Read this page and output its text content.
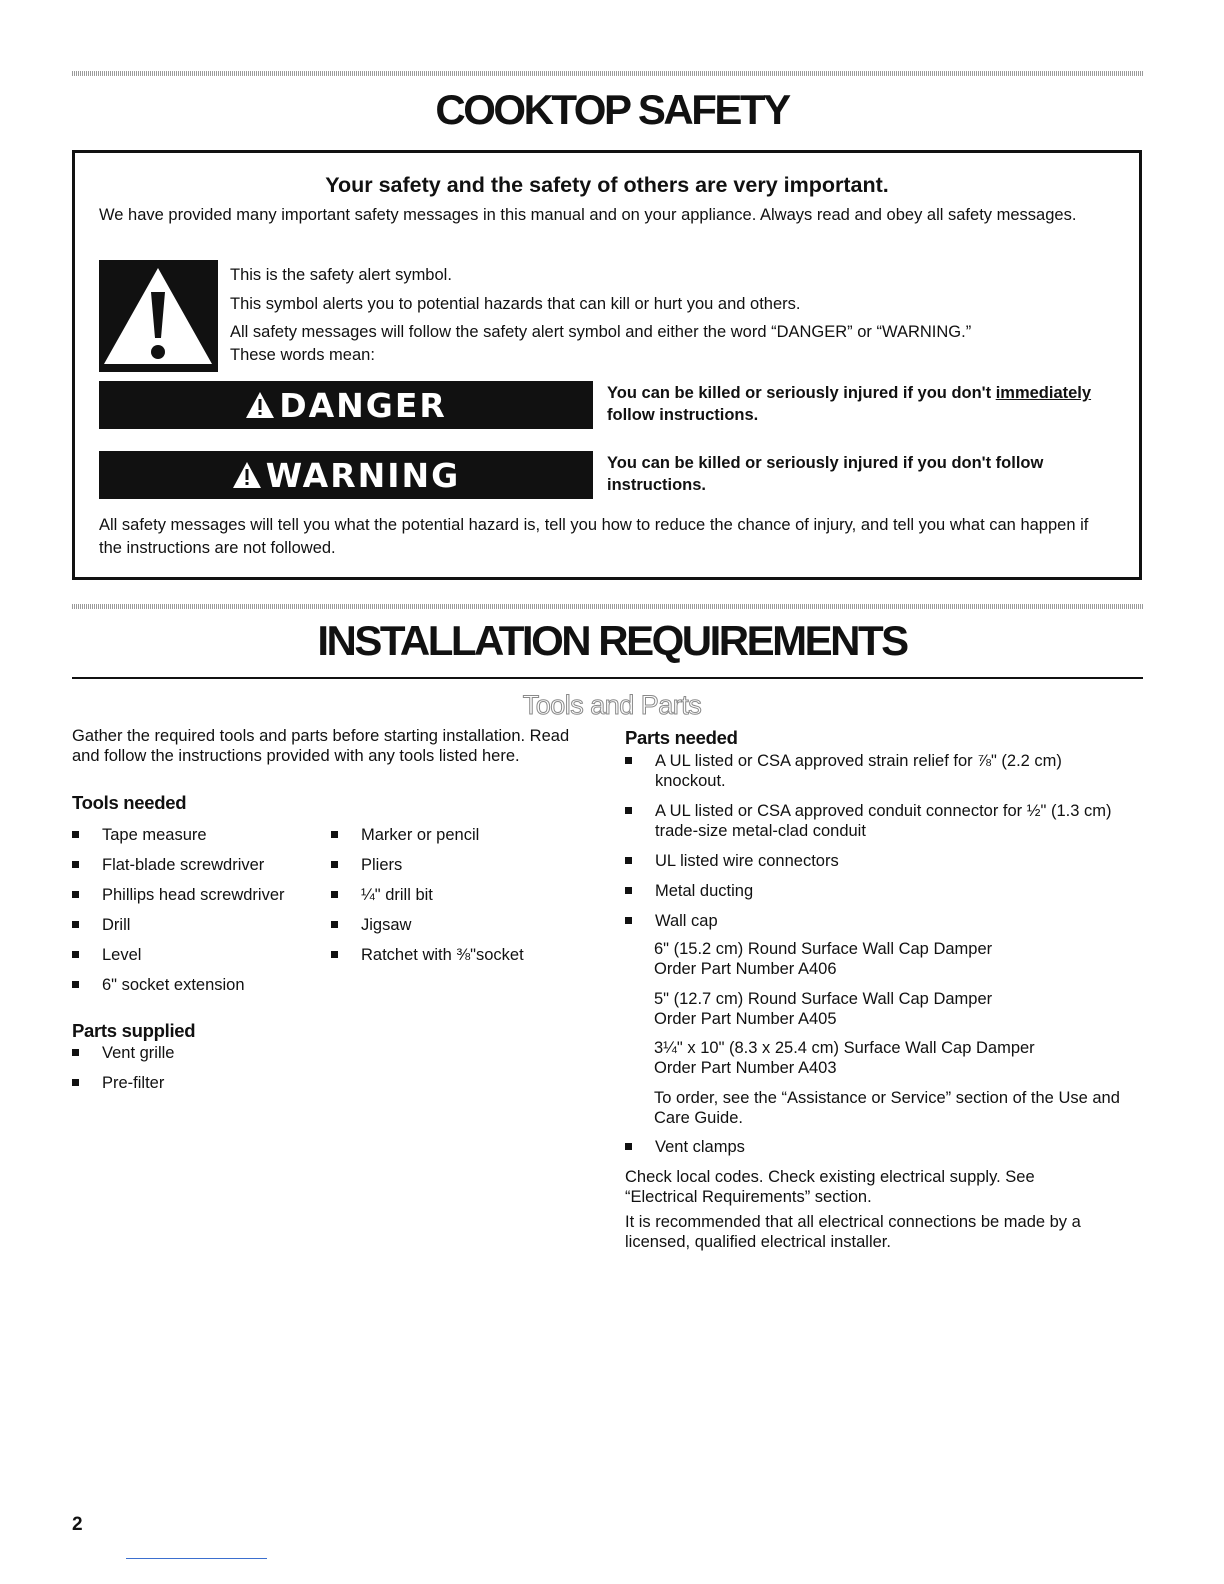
COOKTOP SAFETY
Your safety and the safety of others are very important.
We have provided many important safety messages in this manual and on your appliance. Always read and obey all safety messages.
This is the safety alert symbol.
This symbol alerts you to potential hazards that can kill or hurt you and others.
All safety messages will follow the safety alert symbol and either the word “DANGER” or “WARNING.”
These words mean:
DANGER	You can be killed or seriously injured if you don't immediately
follow instructions.
WARNING	You can be killed or seriously injured if you don't follow instructions.
All safety messages will tell you what the potential hazard is, tell you how to reduce the chance of injury, and tell you what can happen if the instructions are not followed.
INSTALLATION REQUIREMENTS
Tools and Parts
Gather the required tools and parts before starting installation. Read and follow the instructions provided with any tools listed here.
Tools needed
Tape measure
Flat-blade screwdriver
Phillips head screwdriver
Drill
Level
6" socket extension
Marker or pencil
Pliers
¼" drill bit
Jigsaw
Ratchet with ⅜"socket
Parts supplied
Vent grille
Pre-filter
Parts needed
A UL listed or CSA approved strain relief for ⅞" (2.2 cm) knockout.
A UL listed or CSA approved conduit connector for ½" (1.3 cm) trade-size metal-clad conduit
UL listed wire connectors
Metal ducting
Wall cap
6" (15.2 cm) Round Surface Wall Cap Damper
Order Part Number A406
5" (12.7 cm) Round Surface Wall Cap Damper
Order Part Number A405
3¼" x 10" (8.3 x 25.4 cm) Surface Wall Cap Damper
Order Part Number A403
To order, see the “Assistance or Service” section of the Use and Care Guide.
Vent clamps
Check local codes. Check existing electrical supply. See “Electrical Requirements” section.
It is recommended that all electrical connections be made by a licensed, qualified electrical installer.
2
